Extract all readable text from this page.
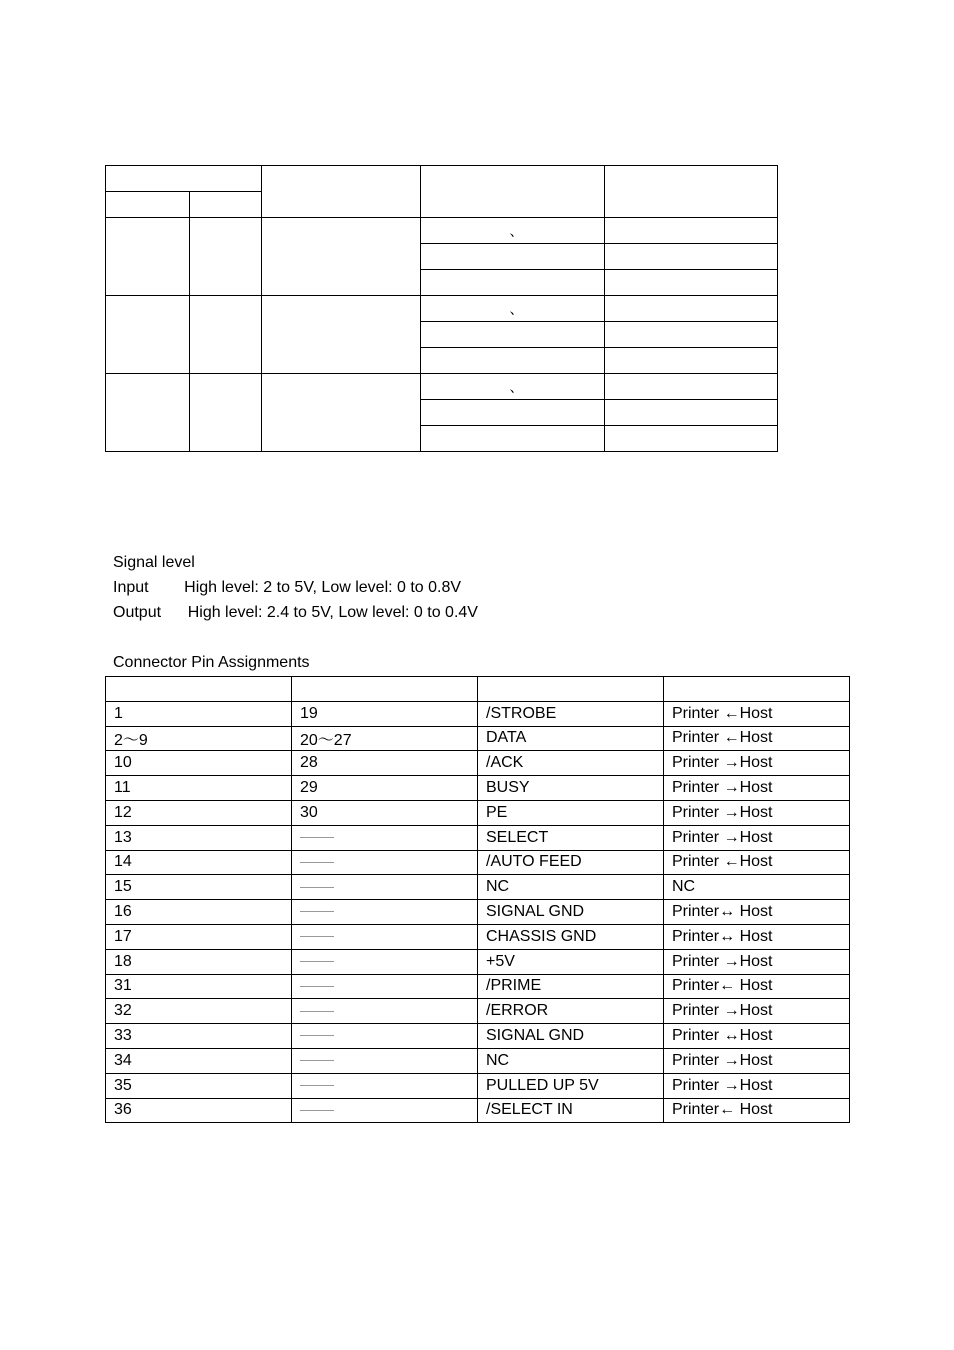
			、	

			、	

			、	

Signal level

Input        High level: 2 to 5V, Low level: 0 to 0.8V

Output      High level: 2.4 to 5V, Low level: 0 to 0.4V

Connector Pin Assignments

1	19	/STROBE	Printer ←Host
2～9	20～27	DATA	Printer ←Host
10	28	/ACK	Printer →Host
11	29	BUSY	Printer →Host
12	30	PE	Printer →Host
13		SELECT	Printer →Host
14		/AUTO FEED	Printer ←Host
15		NC	NC
16		SIGNAL GND	Printer↔ Host
17		CHASSIS GND	Printer↔ Host
18		+5V	Printer →Host
31		/PRIME	Printer← Host
32		/ERROR	Printer →Host
33		SIGNAL GND	Printer ↔Host
34		NC	Printer →Host
35		PULLED UP 5V	Printer →Host
36		/SELECT IN	Printer← Host
